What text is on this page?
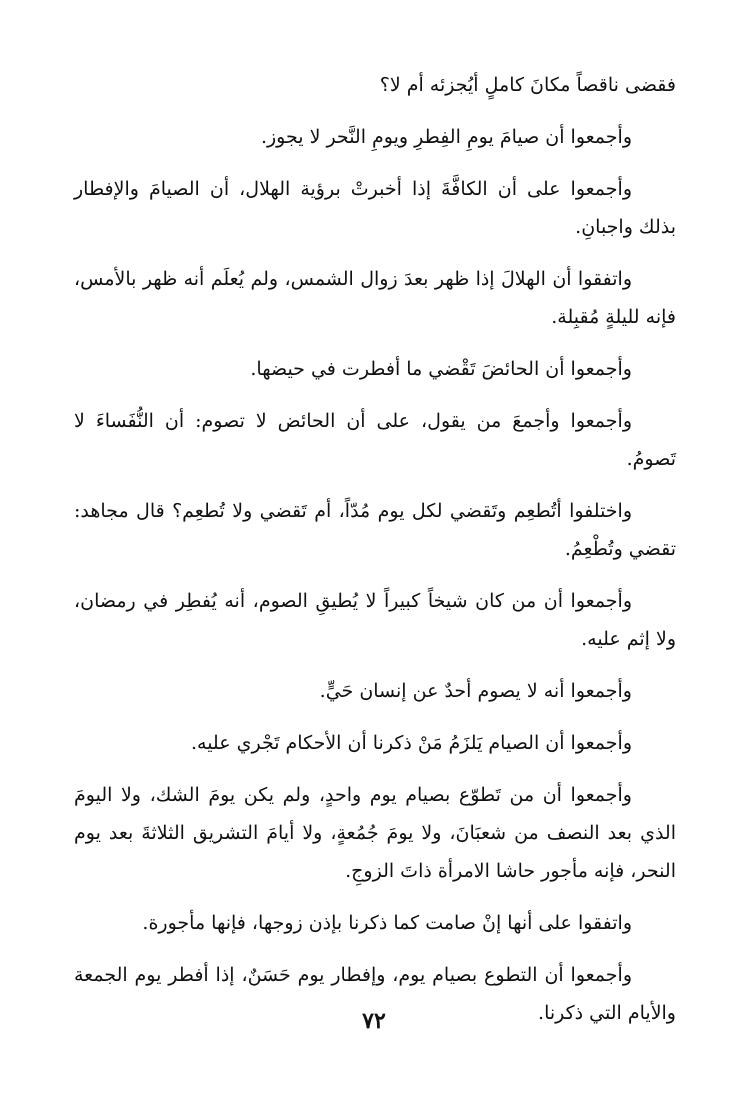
فقضى ناقصاً مكانَ كاملٍ أيُجزئه أم لا؟

وأجمعوا أن صيامَ يومِ الفِطرِ ويومِ النَّحر لا يجوز.

وأجمعوا على أن الكافَّةَ إذا أخبرتْ برؤية الهلال، أن الصيامَ والإفطار بذلك واجبانِ.

واتفقوا أن الهلالَ إذا ظهر بعدَ زوال الشمس، ولم يُعلَم أنه ظهر بالأمس، فإنه لليلةٍ مُقبِلة.

وأجمعوا أن الحائضَ تَقْضي ما أفطرت في حيضها.

وأجمعوا وأجمعَ من يقول، على أن الحائض لا تصوم: أن النُّفَساءَ لا تَصومُ.

واختلفوا أتُطعِم وتَقضي لكل يوم مُدّاً، أم تَقضي ولا تُطعِم؟ قال مجاهد: تقضي وتُطْعِمُ.

وأجمعوا أن من كان شيخاً كبيراً لا يُطيقِ الصوم، أنه يُفطِر في رمضان، ولا إثم عليه.

وأجمعوا أنه لا يصوم أحدٌ عن إنسان حَيٍّ.

وأجمعوا أن الصيام يَلزَمُ مَنْ ذكرنا أن الأحكام تَجْري عليه.

وأجمعوا أن من تَطوّع بصيام يوم واحدٍ، ولم يكن يومَ الشك، ولا اليومَ الذي بعد النصف من شعبَانَ، ولا يومَ جُمُعةٍ، ولا أيامَ التشريق الثلاثةَ بعد يوم النحر، فإنه مأجور حاشا الامرأة ذاتَ الزوجِ.

واتفقوا على أنها إنْ صامت كما ذكرنا بإذن زوجها، فإنها مأجورة.

وأجمعوا أن التطوع بصيام يوم، وإفطار يوم حَسَنٌ، إذا أفطر يوم الجمعة والأيام التي ذكرنا.

٧٢
